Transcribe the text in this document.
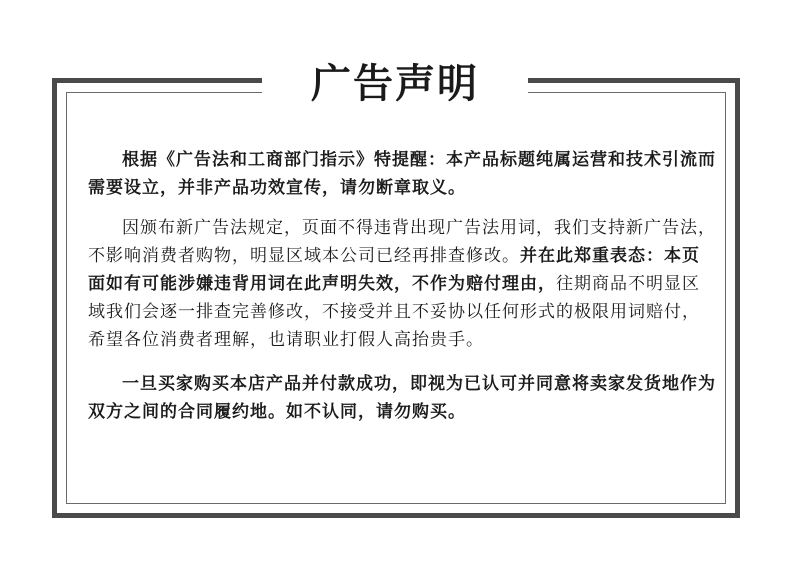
广告声明

根据《广告法和工商部门指示》特提醒：本产品标题纯属运营和技术引流而需要设立，并非产品功效宣传，请勿断章取义。

因颁布新广告法规定，页面不得违背出现广告法用词，我们支持新广告法，不影响消费者购物，明显区域本公司已经再排查修改。并在此郑重表态：本页面如有可能涉嫌违背用词在此声明失效，不作为赔付理由，往期商品不明显区域我们会逐一排查完善修改，不接受并且不妥协以任何形式的极限用词赔付，希望各位消费者理解，也请职业打假人高抬贵手。

一旦买家购买本店产品并付款成功，即视为已认可并同意将卖家发货地作为双方之间的合同履约地。如不认同，请勿购买。
